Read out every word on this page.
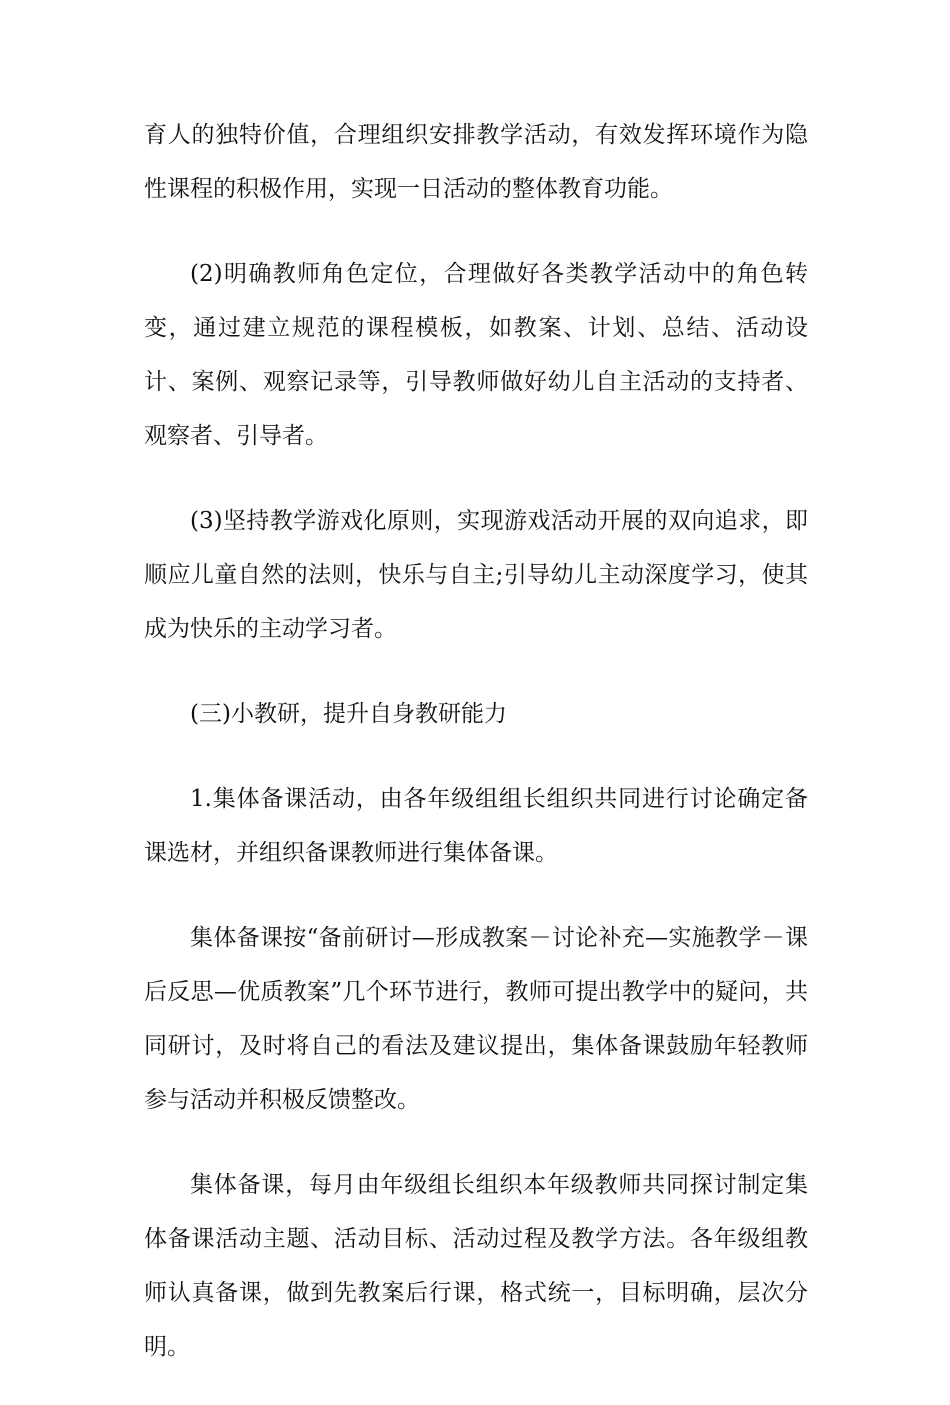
育人的独特价值，合理组织安排教学活动，有效发挥环境作为隐性课程的积极作用，实现一日活动的整体教育功能。

(2)明确教师角色定位，合理做好各类教学活动中的角色转变，通过建立规范的课程模板，如教案、计划、总结、活动设计、案例、观察记录等，引导教师做好幼儿自主活动的支持者、观察者、引导者。

(3)坚持教学游戏化原则，实现游戏活动开展的双向追求，即顺应儿童自然的法则，快乐与自主;引导幼儿主动深度学习，使其成为快乐的主动学习者。

(三)小教研，提升自身教研能力

1.集体备课活动，由各年级组组长组织共同进行讨论确定备课选材，并组织备课教师进行集体备课。

集体备课按“备前研讨—形成教案－讨论补充—实施教学－课后反思—优质教案”几个环节进行，教师可提出教学中的疑问，共同研讨，及时将自己的看法及建议提出，集体备课鼓励年轻教师参与活动并积极反馈整改。

集体备课，每月由年级组长组织本年级教师共同探讨制定集体备课活动主题、活动目标、活动过程及教学方法。各年级组教师认真备课，做到先教案后行课，格式统一，目标明确，层次分明。
